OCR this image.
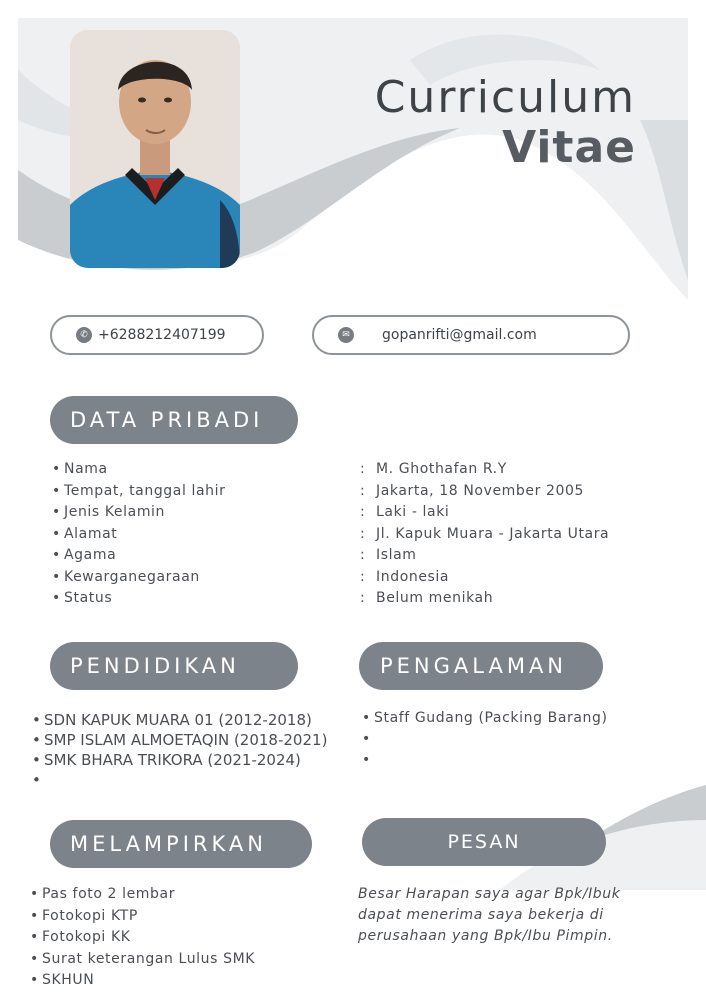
Curriculum
Vitae
✆ +6288212407199	✉	gopanrifti@gmail.com
DATA PRIBADI
• Nama
• Tempat, tanggal lahir
• Jenis Kelamin
• Alamat
• Agama
• Kewarganegaraan
• Status
: M. Ghothafan R.Y
: Jakarta, 18 November 2005
: Laki - laki
: Jl. Kapuk Muara - Jakarta Utara
: Islam
: Indonesia
: Belum menikah
PENDIDIKAN
• SDN KAPUK MUARA 01 (2012-2018)
• SMP ISLAM ALMOETAQIN (2018-2021)
• SMK BHARA TRIKORA (2021-2024)
•
PENGALAMAN
• Staff Gudang (Packing Barang)
•
•
MELAMPIRKAN
• Pas foto 2 lembar
• Fotokopi KTP
• Fotokopi KK
• Surat keterangan Lulus SMK
• SKHUN
PESAN
Besar Harapan saya agar Bpk/Ibuk dapat menerima saya bekerja di perusahaan yang Bpk/Ibu Pimpin.
